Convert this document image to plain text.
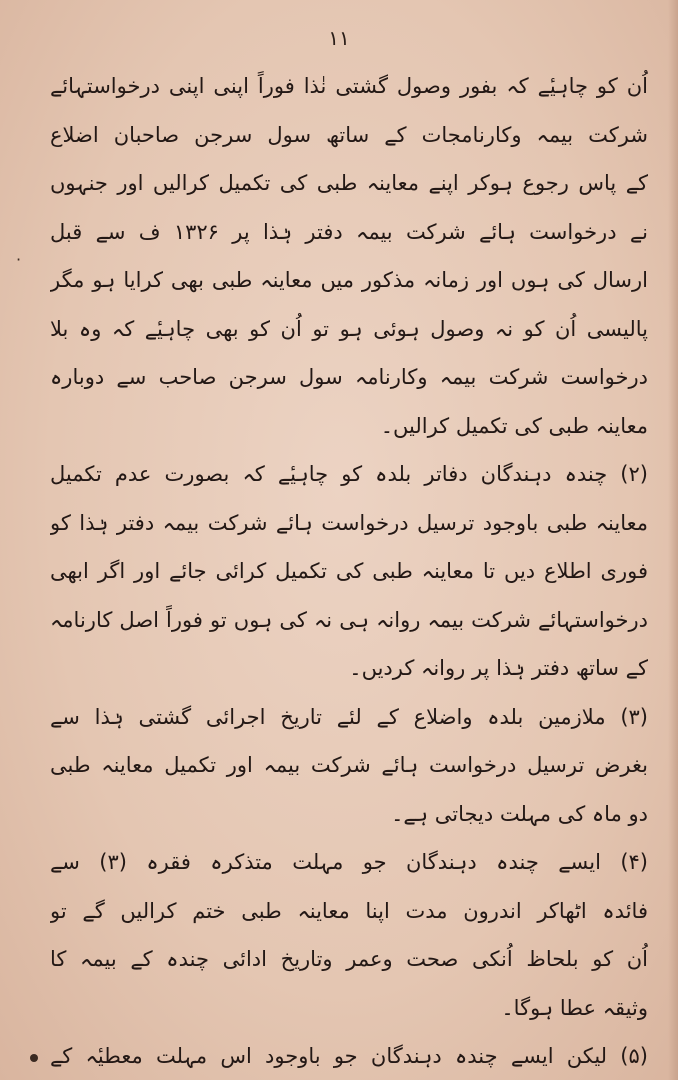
۱۱
اُن کو چاہیٔے کہ بفور وصول گشتی نٰذا فوراً اپنی اپنی درخواستہائے
شرکت بیمہ وکارنامجات کے ساتھ سول سرجن صاحبان اضلاع
کے پاس رجوع ہوکر اپنے معاینہ طبی کی تکمیل کرالیں اور جنہوں
نے درخواست ہائے شرکت بیمہ دفتر ہٰذا پر ۱۳۲۶ ف سے قبل
ارسال کی ہوں اور زمانہ مذکور میں معاینہ طبی بھی کرایا ہو مگر
پالیسی اُن کو نہ وصول ہوئی ہو تو اُن کو بھی چاہیٔے کہ وہ بلا
درخواست شرکت بیمہ وکارنامہ سول سرجن صاحب سے دوبارہ
معاینہ طبی کی تکمیل کرالیں۔
(۲) چندہ دہندگان دفاتر بلدہ کو چاہیٔے کہ بصورت عدم تکمیل
معاینہ طبی باوجود ترسیل درخواست ہائے شرکت بیمہ دفتر ہٰذا کو
فوری اطلاع دیں تا معاینہ طبی کی تکمیل کرائی جائے اور اگر ابھی
درخواستہائے شرکت بیمہ روانہ ہی نہ کی ہوں تو فوراً اصل کارنامہ
کے ساتھ دفتر ہٰذا پر روانہ کردیں۔
(۳) ملازمین بلدہ واضلاع کے لئے تاریخ اجرائی گشتی ہٰذا سے
بغرض ترسیل درخواست ہائے شرکت بیمہ اور تکمیل معاینہ طبی
دو ماہ کی مہلت دیجاتی ہے۔
(۴) ایسے چندہ دہندگان جو مہلت متذکرہ فقرہ (۳) سے
فائدہ اٹھاکر اندرون مدت اپنا معاینہ طبی ختم کرالیں گے تو
اُن کو بلحاظ اُنکی صحت وعمر وتاریخ ادائی چندہ کے بیمہ کا
وثیقہ عطا ہوگا۔
(۵) لیکن ایسے چندہ دہندگان جو باوجود اس مہلت معطیٔہ کے
·
